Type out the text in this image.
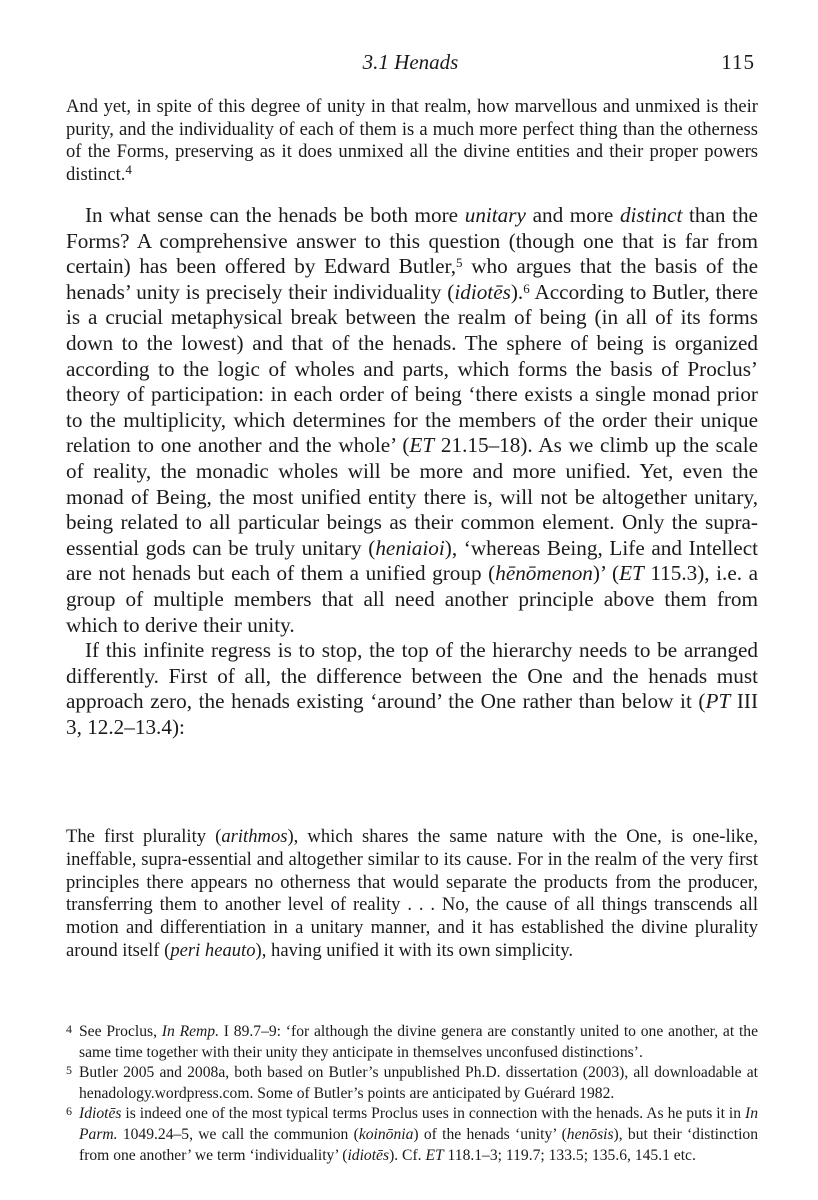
3.1 Henads	115

And yet, in spite of this degree of unity in that realm, how marvellous and unmixed is their purity, and the individuality of each of them is a much more perfect thing than the otherness of the Forms, preserving as it does unmixed all the divine entities and their proper powers distinct.$^4$

In what sense can the henads be both more unitary and more distinct than the Forms? A comprehensive answer to this question (though one that is far from certain) has been offered by Edward Butler,$^5$ who argues that the basis of the henads’ unity is precisely their individuality (idiotēs).$^6$ According to Butler, there is a crucial metaphysical break between the realm of being (in all of its forms down to the lowest) and that of the henads. The sphere of being is organized according to the logic of wholes and parts, which forms the basis of Proclus’ theory of participation: in each order of being ‘there exists a single monad prior to the multiplicity, which determines for the members of the order their unique relation to one another and the whole’ (ET 21.15–18). As we climb up the scale of reality, the monadic wholes will be more and more unified. Yet, even the monad of Being, the most unified entity there is, will not be altogether unitary, being related to all particular beings as their common element. Only the supra-essential gods can be truly unitary (heniaioi), ‘whereas Being, Life and Intellect are not henads but each of them a unified group (hēnōmenon)’ (ET 115.3), i.e. a group of multiple members that all need another principle above them from which to derive their unity.

If this infinite regress is to stop, the top of the hierarchy needs to be arranged differently. First of all, the difference between the One and the henads must approach zero, the henads existing ‘around’ the One rather than below it (PT III 3, 12.2–13.4):

The first plurality (arithmos), which shares the same nature with the One, is one-like, ineffable, supra-essential and altogether similar to its cause. For in the realm of the very first principles there appears no otherness that would separate the products from the producer, transferring them to another level of reality . . . No, the cause of all things transcends all motion and differentiation in a unitary manner, and it has established the divine plurality around itself (peri heauto), having unified it with its own simplicity.

4 See Proclus, In Remp. I 89.7–9: ‘for although the divine genera are constantly united to one another, at the same time together with their unity they anticipate in themselves unconfused distinctions’.

5 Butler 2005 and 2008a, both based on Butler’s unpublished Ph.D. dissertation (2003), all downloadable at henadology.wordpress.com. Some of Butler’s points are anticipated by Guérard 1982.

6 Idiotēs is indeed one of the most typical terms Proclus uses in connection with the henads. As he puts it in In Parm. 1049.24–5, we call the communion (koinōnia) of the henads ‘unity’ (henōsis), but their ‘distinction from one another’ we term ‘individuality’ (idiotēs). Cf. ET 118.1–3; 119.7; 133.5; 135.6, 145.1 etc.
